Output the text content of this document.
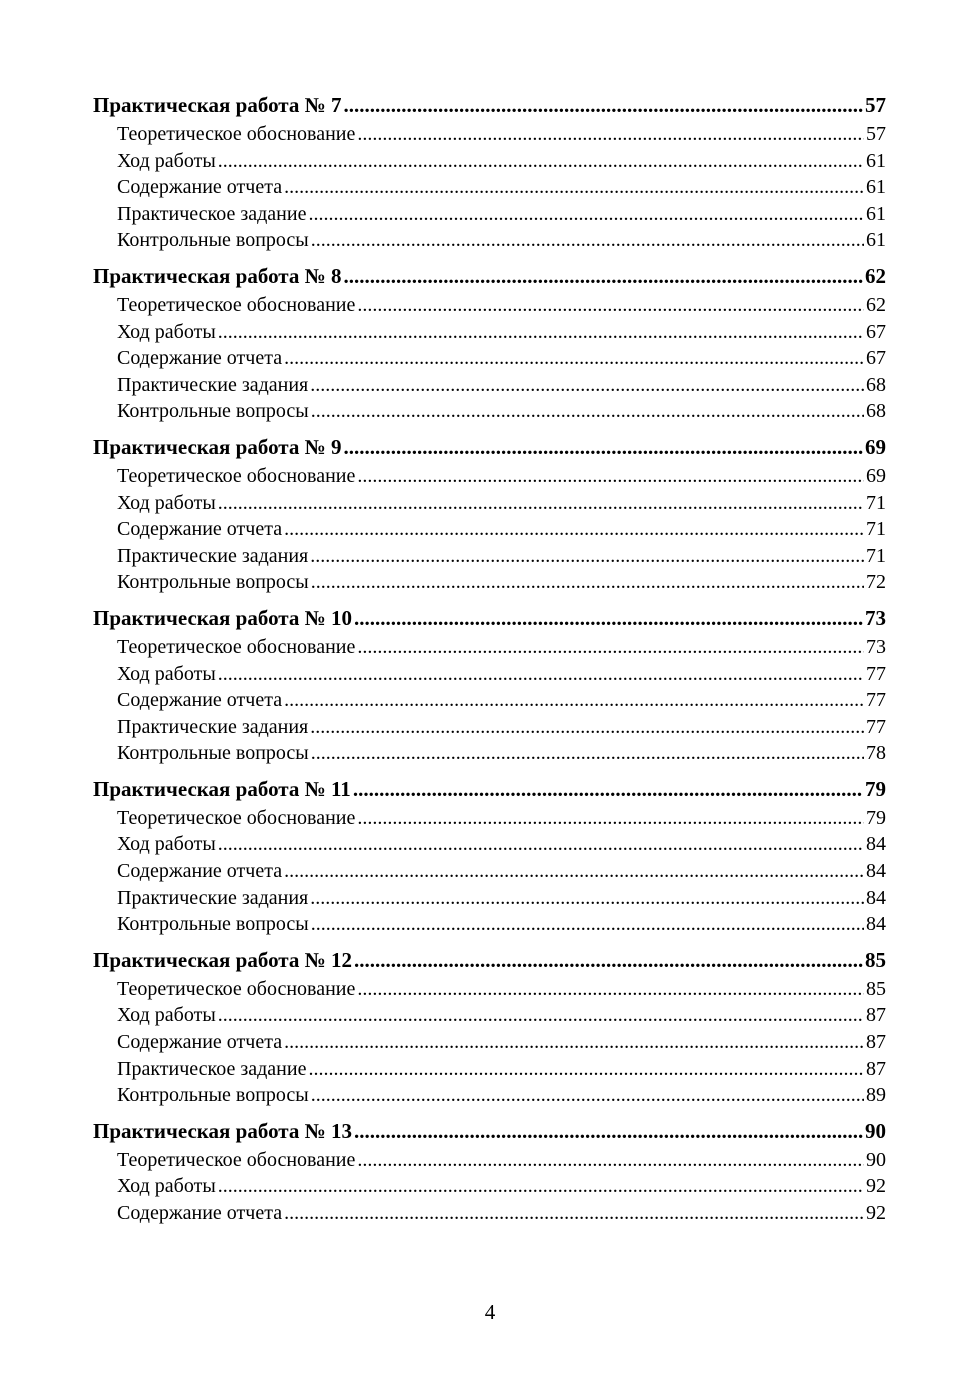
Практическая работа № 7 .....	57
Теоретическое обоснование .....	57
Ход работы .....	61
Содержание отчета .....	61
Практическое задание .....	61
Контрольные вопросы .....	61
Практическая работа № 8 .....	62
Теоретическое обоснование .....	62
Ход работы .....	67
Содержание отчета .....	67
Практические задания .....	68
Контрольные вопросы .....	68
Практическая работа № 9 .....	69
Теоретическое обоснование .....	69
Ход работы .....	71
Содержание отчета .....	71
Практические задания .....	71
Контрольные вопросы .....	72
Практическая работа № 10 .....	73
Теоретическое обоснование .....	73
Ход работы .....	77
Содержание отчета .....	77
Практические задания .....	77
Контрольные вопросы .....	78
Практическая работа № 11 .....	79
Теоретическое обоснование .....	79
Ход работы .....	84
Содержание отчета .....	84
Практические задания .....	84
Контрольные вопросы .....	84
Практическая работа № 12 .....	85
Теоретическое обоснование .....	85
Ход работы .....	87
Содержание отчета .....	87
Практическое задание .....	87
Контрольные вопросы .....	89
Практическая работа № 13 .....	90
Теоретическое обоснование .....	90
Ход работы .....	92
Содержание отчета .....	92
4
